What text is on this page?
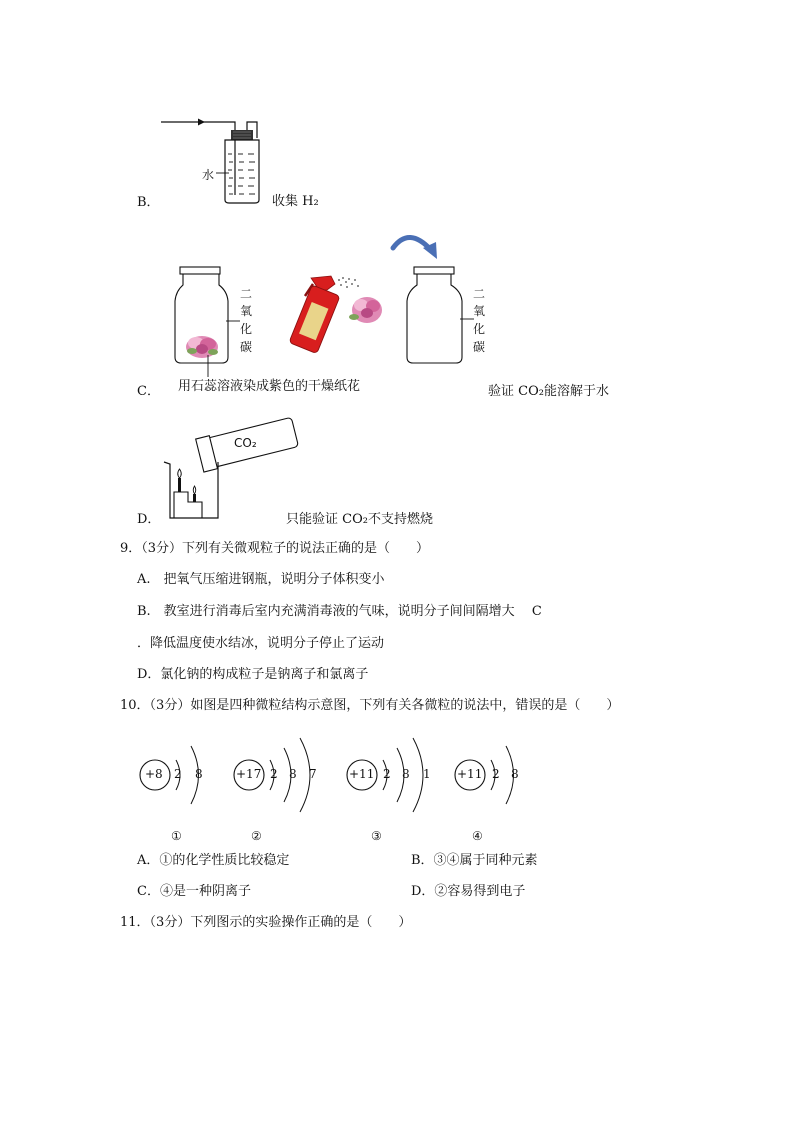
水
B．	收集 H₂
二
氧
化
碳
二
氧
化
碳
C． 用石蕊溶液染成紫色的干燥纸花	验证 CO₂能溶解于水
CO₂
D．	只能验证 CO₂不支持燃烧
9．（3分）下列有关微观粒子的说法正确的是（　　）
A.　把氧气压缩进钢瓶，说明分子体积变小
B.　教室进行消毒后室内充满消毒液的气味，说明分子间间隔增大　 C
．降低温度使水结冰，说明分子停止了运动
D．氯化钠的构成粒子是钠离子和氯离子
10．（3分）如图是四种微粒结构示意图，下列有关各微粒的说法中，错误的是（　　）
+8 2 8
①
+17 2 8 7
②
+11 2 8 1
③
+11 2 8
④
A．①的化学性质比较稳定	B．③④属于同种元素
C．④是一种阴离子	D．②容易得到电子
11．（3分）下列图示的实验操作正确的是（　　）
